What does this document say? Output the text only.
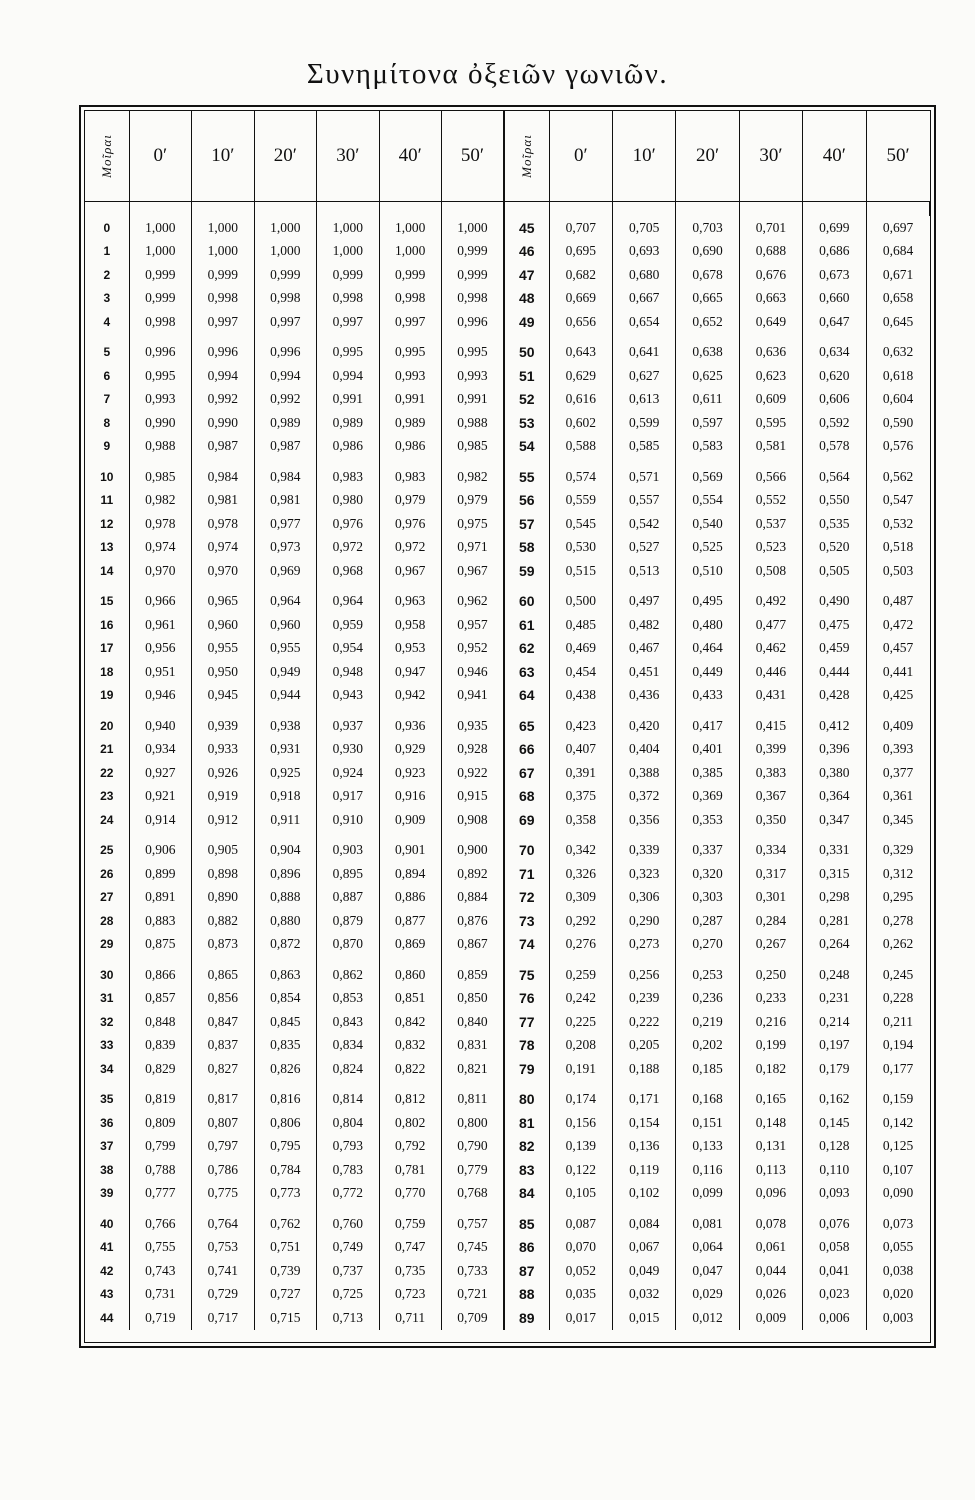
Συνημίτονα ὀξειῶν γωνιῶν.
Μοῖραι	0′	10′	20′	30′	40′	50′	Μοῖραι	0′	10′	20′	30′	40′	50′

0	1,000	1,000	1,000	1,000	1,000	1,000	45	0,707	0,705	0,703	0,701	0,699	0,697
1	1,000	1,000	1,000	1,000	1,000	0,999	46	0,695	0,693	0,690	0,688	0,686	0,684
2	0,999	0,999	0,999	0,999	0,999	0,999	47	0,682	0,680	0,678	0,676	0,673	0,671
3	0,999	0,998	0,998	0,998	0,998	0,998	48	0,669	0,667	0,665	0,663	0,660	0,658
4	0,998	0,997	0,997	0,997	0,997	0,996	49	0,656	0,654	0,652	0,649	0,647	0,645
5	0,996	0,996	0,996	0,995	0,995	0,995	50	0,643	0,641	0,638	0,636	0,634	0,632
6	0,995	0,994	0,994	0,994	0,993	0,993	51	0,629	0,627	0,625	0,623	0,620	0,618
7	0,993	0,992	0,992	0,991	0,991	0,991	52	0,616	0,613	0,611	0,609	0,606	0,604
8	0,990	0,990	0,989	0,989	0,989	0,988	53	0,602	0,599	0,597	0,595	0,592	0,590
9	0,988	0,987	0,987	0,986	0,986	0,985	54	0,588	0,585	0,583	0,581	0,578	0,576
10	0,985	0,984	0,984	0,983	0,983	0,982	55	0,574	0,571	0,569	0,566	0,564	0,562
11	0,982	0,981	0,981	0,980	0,979	0,979	56	0,559	0,557	0,554	0,552	0,550	0,547
12	0,978	0,978	0,977	0,976	0,976	0,975	57	0,545	0,542	0,540	0,537	0,535	0,532
13	0,974	0,974	0,973	0,972	0,972	0,971	58	0,530	0,527	0,525	0,523	0,520	0,518
14	0,970	0,970	0,969	0,968	0,967	0,967	59	0,515	0,513	0,510	0,508	0,505	0,503
15	0,966	0,965	0,964	0,964	0,963	0,962	60	0,500	0,497	0,495	0,492	0,490	0,487
16	0,961	0,960	0,960	0,959	0,958	0,957	61	0,485	0,482	0,480	0,477	0,475	0,472
17	0,956	0,955	0,955	0,954	0,953	0,952	62	0,469	0,467	0,464	0,462	0,459	0,457
18	0,951	0,950	0,949	0,948	0,947	0,946	63	0,454	0,451	0,449	0,446	0,444	0,441
19	0,946	0,945	0,944	0,943	0,942	0,941	64	0,438	0,436	0,433	0,431	0,428	0,425
20	0,940	0,939	0,938	0,937	0,936	0,935	65	0,423	0,420	0,417	0,415	0,412	0,409
21	0,934	0,933	0,931	0,930	0,929	0,928	66	0,407	0,404	0,401	0,399	0,396	0,393
22	0,927	0,926	0,925	0,924	0,923	0,922	67	0,391	0,388	0,385	0,383	0,380	0,377
23	0,921	0,919	0,918	0,917	0,916	0,915	68	0,375	0,372	0,369	0,367	0,364	0,361
24	0,914	0,912	0,911	0,910	0,909	0,908	69	0,358	0,356	0,353	0,350	0,347	0,345
25	0,906	0,905	0,904	0,903	0,901	0,900	70	0,342	0,339	0,337	0,334	0,331	0,329
26	0,899	0,898	0,896	0,895	0,894	0,892	71	0,326	0,323	0,320	0,317	0,315	0,312
27	0,891	0,890	0,888	0,887	0,886	0,884	72	0,309	0,306	0,303	0,301	0,298	0,295
28	0,883	0,882	0,880	0,879	0,877	0,876	73	0,292	0,290	0,287	0,284	0,281	0,278
29	0,875	0,873	0,872	0,870	0,869	0,867	74	0,276	0,273	0,270	0,267	0,264	0,262
30	0,866	0,865	0,863	0,862	0,860	0,859	75	0,259	0,256	0,253	0,250	0,248	0,245
31	0,857	0,856	0,854	0,853	0,851	0,850	76	0,242	0,239	0,236	0,233	0,231	0,228
32	0,848	0,847	0,845	0,843	0,842	0,840	77	0,225	0,222	0,219	0,216	0,214	0,211
33	0,839	0,837	0,835	0,834	0,832	0,831	78	0,208	0,205	0,202	0,199	0,197	0,194
34	0,829	0,827	0,826	0,824	0,822	0,821	79	0,191	0,188	0,185	0,182	0,179	0,177
35	0,819	0,817	0,816	0,814	0,812	0,811	80	0,174	0,171	0,168	0,165	0,162	0,159
36	0,809	0,807	0,806	0,804	0,802	0,800	81	0,156	0,154	0,151	0,148	0,145	0,142
37	0,799	0,797	0,795	0,793	0,792	0,790	82	0,139	0,136	0,133	0,131	0,128	0,125
38	0,788	0,786	0,784	0,783	0,781	0,779	83	0,122	0,119	0,116	0,113	0,110	0,107
39	0,777	0,775	0,773	0,772	0,770	0,768	84	0,105	0,102	0,099	0,096	0,093	0,090
40	0,766	0,764	0,762	0,760	0,759	0,757	85	0,087	0,084	0,081	0,078	0,076	0,073
41	0,755	0,753	0,751	0,749	0,747	0,745	86	0,070	0,067	0,064	0,061	0,058	0,055
42	0,743	0,741	0,739	0,737	0,735	0,733	87	0,052	0,049	0,047	0,044	0,041	0,038
43	0,731	0,729	0,727	0,725	0,723	0,721	88	0,035	0,032	0,029	0,026	0,023	0,020
44	0,719	0,717	0,715	0,713	0,711	0,709	89	0,017	0,015	0,012	0,009	0,006	0,003
